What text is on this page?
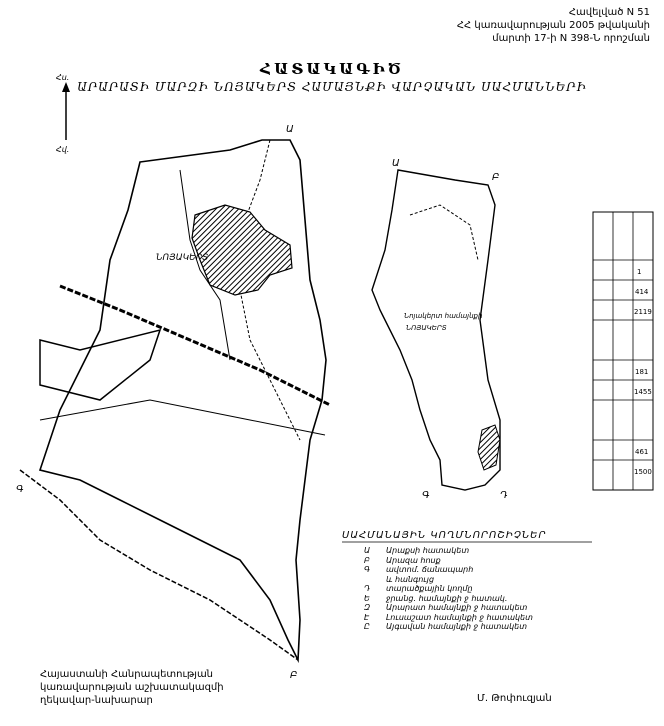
Հավելված N 51
ՀՀ կառավարության 2005 թվականի
մարտի 17-ի N 398-Ն որոշման
ՀԱՏԱԿԱԳԻԾ
ԱՐԱՐԱՏԻ ՄԱՐԶԻ ՆՈՅԱԿԵՐՏ ՀԱՄԱՅՆՔԻ ՎԱՐՉԱԿԱՆ ՍԱՀՄԱՆՆԵՐԻ
Հս.
Հվ.
ՆՈՅԱԿԵՐՏ
Ա
Գ
Բ
Ա
Բ
Գ	Դ
Նոյակերտ համայնքի
ՆՈՅԱԿԵՐՏ
1
414
2119
181
1455
461
1500
ՍԱՀՄԱՆԱՅԻՆ ԿՈՂՄՆՈՐՈՇԻՉՆԵՐ
Ա	Արաքսի հատակետ
Բ	Արազա հոսք
Գ	ավտոմ. ճանապարհ
և հանգույց
Դ	տարածքային կողմը
Ե	ջրանց. համայնքի ջ հատակ.
Զ	Արարատ համայնքի ջ հատակետ
Է	Լուսաշատ համայնքի ջ հատակետ
Ը	Այգավան համայնքի ջ հատակետ
Հայաստանի Հանրապետության
կառավարության աշխատակազմի
ղեկավար-նախարար	Մ. Թոփուզյան
